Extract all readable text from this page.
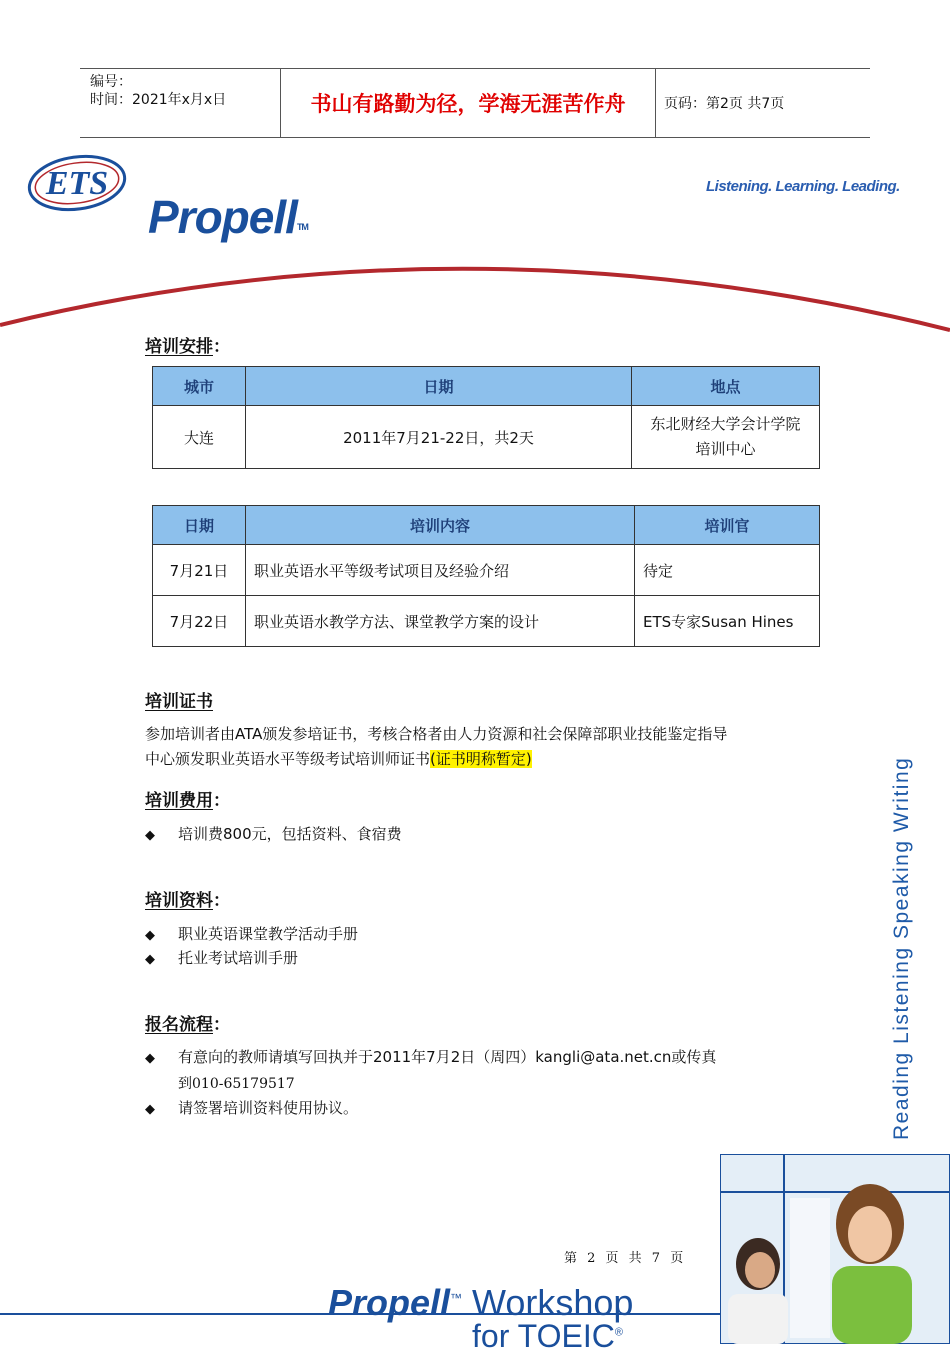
编号：
时间：2021年x月x日	书山有路勤为径，学海无涯苦作舟	页码：第2页 共7页
ETS
Propell™
Listening. Learning. Leading.
培训安排：
城市	日期	地点
大连	2011年7月21-22日，共2天	东北财经大学会计学院
培训中心
日期	培训内容	培训官
7月21日	职业英语水平等级考试项目及经验介绍	待定
7月22日	职业英语水教学方法、课堂教学方案的设计	ETS专家Susan Hines
培训证书
参加培训者由ATA颁发参培证书，考核合格者由人力资源和社会保障部职业技能鉴定指导
中心颁发职业英语水平等级考试培训师证书(证书明称暂定)
培训费用：
◆ 培训费800元，包括资料、食宿费
培训资料：
◆ 职业英语课堂教学活动手册
◆ 托业考试培训手册
报名流程：
◆ 有意向的教师请填写回执并于2011年7月2日（周四）kangli@ata.net.cn或传真
到010-65179517
◆ 请签署培训资料使用协议。	Reading Listening Speaking Writing
第 2 页 共 7 页
Propell™ Workshop
for TOEIC®
